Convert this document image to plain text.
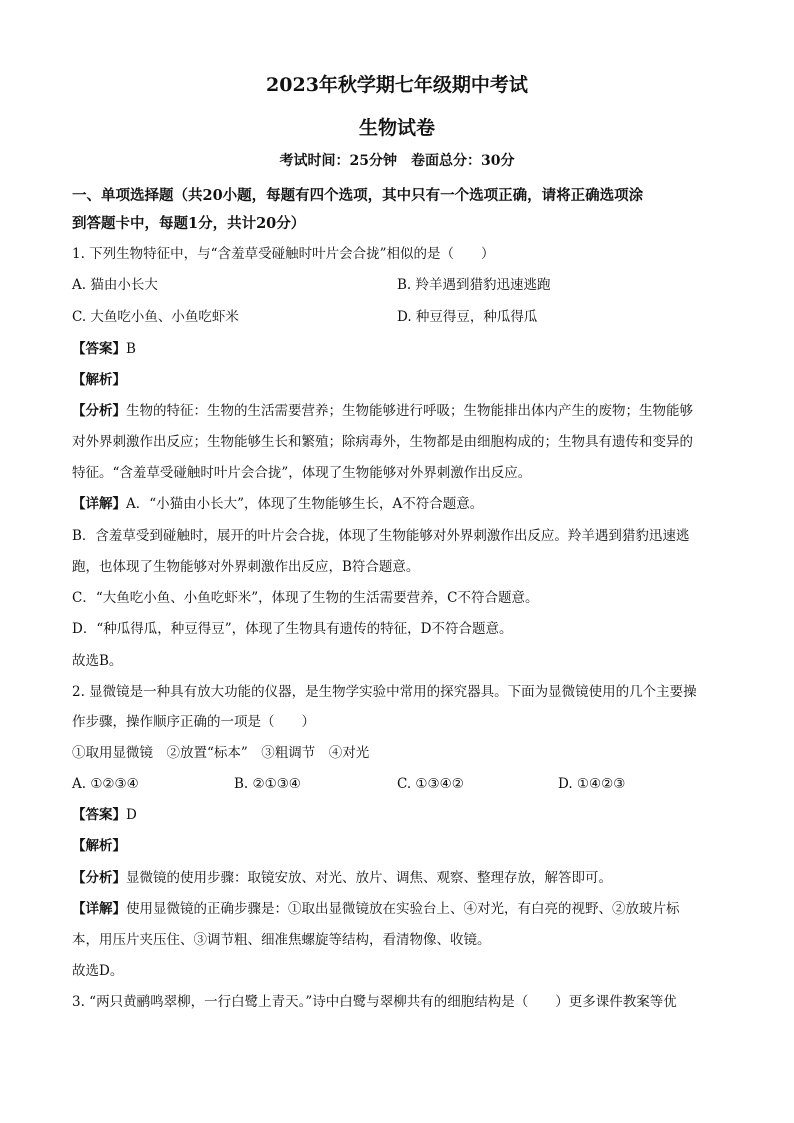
2023年秋学期七年级期中考试
生物试卷
考试时间：25分钟　卷面总分：30分
一、单项选择题（共20小题，每题有四个选项，其中只有一个选项正确，请将正确选项涂
到答题卡中，每题1分，共计20分）
1. 下列生物特征中，与“含羞草受碰触时叶片会合拢”相似的是（　　）
A. 猫由小长大	B. 羚羊遇到猎豹迅速逃跑
C. 大鱼吃小鱼、小鱼吃虾米	D. 种豆得豆，种瓜得瓜
【答案】B
【解析】
【分析】生物的特征：生物的生活需要营养；生物能够进行呼吸；生物能排出体内产生的废物；生物能够
对外界刺激作出反应；生物能够生长和繁殖；除病毒外，生物都是由细胞构成的；生物具有遗传和变异的
特征。“含羞草受碰触时叶片会合拢”，体现了生物能够对外界刺激作出反应。
【详解】A．“小猫由小长大”，体现了生物能够生长，A不符合题意。
B．含羞草受到碰触时，展开的叶片会合拢，体现了生物能够对外界刺激作出反应。羚羊遇到猎豹迅速逃
跑，也体现了生物能够对外界刺激作出反应，B符合题意。
C．“大鱼吃小鱼、小鱼吃虾米”，体现了生物的生活需要营养，C不符合题意。
D．“种瓜得瓜，种豆得豆”，体现了生物具有遗传的特征，D不符合题意。
故选B。
2. 显微镜是一种具有放大功能的仪器，是生物学实验中常用的探究器具。下面为显微镜使用的几个主要操
作步骤，操作顺序正确的一项是（　　）
①取用显微镜　②放置“标本”　③粗调节　④对光
A. ①②③④	B. ②①③④	C. ①③④②	D. ①④②③
【答案】D
【解析】
【分析】显微镜的使用步骤：取镜安放、对光、放片、调焦、观察、整理存放，解答即可。
【详解】使用显微镜的正确步骤是：①取出显微镜放在实验台上、④对光，有白亮的视野、②放玻片标
本，用压片夹压住、③调节粗、细准焦螺旋等结构，看清物像、收镜。
故选D。
3. “两只黄鹂鸣翠柳，一行白鹭上青天。”诗中白鹭与翠柳共有的细胞结构是（　　）更多课件教案等优
